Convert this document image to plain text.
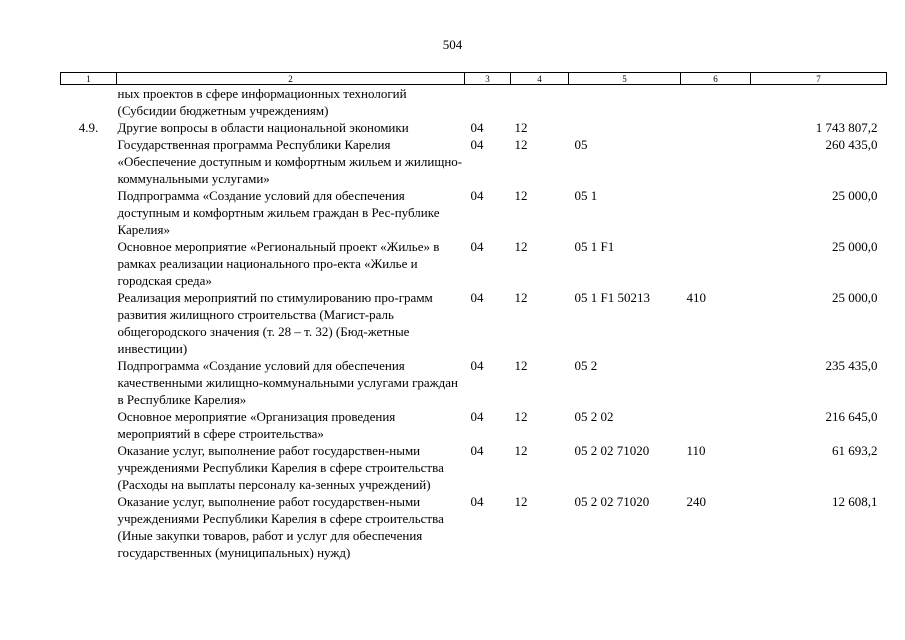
504
1	2	3	4	5	6	7
	ных проектов в сфере информационных технологий (Субсидии бюджетным учреждениям)					
4.9.	Другие вопросы в области национальной экономики	04	12			1 743 807,2
	Государственная программа Республики Карелия «Обеспечение доступным и комфортным жильем и жилищно-коммунальными услугами»	04	12	05		260 435,0
	Подпрограмма «Создание условий для обеспечения доступным и комфортным жильем граждан в Рес-публике Карелия»	04	12	05 1		25 000,0
	Основное мероприятие «Региональный проект «Жилье» в рамках реализации национального про-екта «Жилье и городская среда»	04	12	05 1 F1		25 000,0
	Реализация мероприятий по стимулированию про-грамм развития жилищного строительства (Магист-раль общегородского значения (т. 28 – т. 32) (Бюд-жетные инвестиции)	04	12	05 1 F1 50213	410	25 000,0
	Подпрограмма «Создание условий для обеспечения качественными жилищно-коммунальными услугами граждан в Республике Карелия»	04	12	05 2		235 435,0
	Основное мероприятие «Организация проведения мероприятий в сфере строительства»	04	12	05 2 02		216 645,0
	Оказание услуг, выполнение работ государствен-ными учреждениями Республики Карелия в сфере строительства (Расходы на выплаты персоналу ка-зенных учреждений)	04	12	05 2 02 71020	110	61 693,2
	Оказание услуг, выполнение работ государствен-ными учреждениями Республики Карелия в сфере строительства (Иные закупки товаров, работ и услуг для обеспечения государственных (муниципальных) нужд)	04	12	05 2 02 71020	240	12 608,1
